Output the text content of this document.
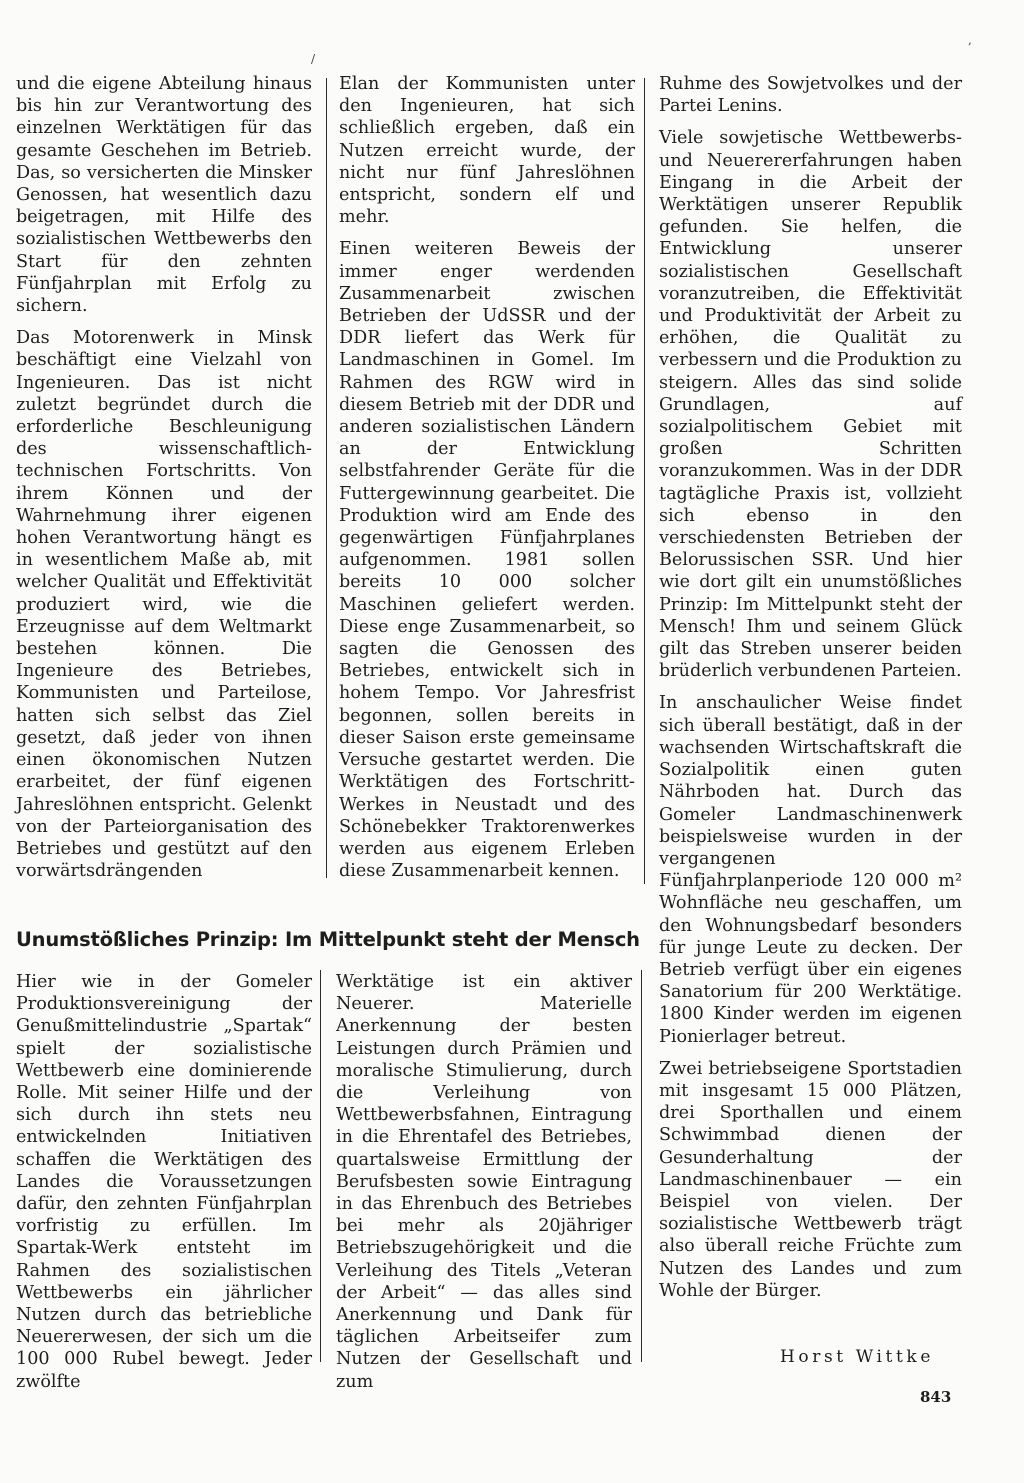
/
,

und die eigene Abteilung hinaus bis hin zur Verantwortung des einzelnen Werktätigen für das gesamte Geschehen im Betrieb. Das, so versicherten die Minsker Genossen, hat wesentlich dazu beigetragen, mit Hilfe des sozialistischen Wettbewerbs den Start für den zehnten Fünfjahrplan mit Erfolg zu sichern.

Das Motorenwerk in Minsk beschäftigt eine Vielzahl von Ingenieuren. Das ist nicht zuletzt begründet durch die erforderliche Beschleunigung des wissenschaftlich-technischen Fortschritts. Von ihrem Können und der Wahrnehmung ihrer eigenen hohen Verantwortung hängt es in wesentlichem Maße ab, mit welcher Qualität und Effektivität produziert wird, wie die Erzeugnisse auf dem Weltmarkt bestehen können. Die Ingenieure des Betriebes, Kommunisten und Parteilose, hatten sich selbst das Ziel gesetzt, daß jeder von ihnen einen ökonomischen Nutzen erarbeitet, der fünf eigenen Jahreslöhnen entspricht. Gelenkt von der Parteiorganisation des Betriebes und gestützt auf den vorwärtsdrängenden

Elan der Kommunisten unter den Ingenieuren, hat sich schließlich ergeben, daß ein Nutzen erreicht wurde, der nicht nur fünf Jahreslöhnen entspricht, sondern elf und mehr.

Einen weiteren Beweis der immer enger werdenden Zusammenarbeit zwischen Betrieben der UdSSR und der DDR liefert das Werk für Landmaschinen in Gomel. Im Rahmen des RGW wird in diesem Betrieb mit der DDR und anderen sozialistischen Ländern an der Entwicklung selbstfahrender Geräte für die Futtergewinnung gearbeitet. Die Produktion wird am Ende des gegenwärtigen Fünfjahrplanes aufgenommen. 1981 sollen bereits 10 000 solcher Maschinen geliefert werden. Diese enge Zusammenarbeit, so sagten die Genossen des Betriebes, entwickelt sich in hohem Tempo. Vor Jahresfrist begonnen, sollen bereits in dieser Saison erste gemeinsame Versuche gestartet werden. Die Werktätigen des Fortschritt-Werkes in Neustadt und des Schönebekker Traktorenwerkes werden aus eigenem Erleben diese Zusammenarbeit kennen.

Ruhme des Sowjetvolkes und der Partei Lenins.

Viele sowjetische Wettbewerbs- und Neuerererfahrungen haben Eingang in die Arbeit der Werktätigen unserer Republik gefunden. Sie helfen, die Entwicklung unserer sozialistischen Gesellschaft voranzutreiben, die Effektivität und Produktivität der Arbeit zu erhöhen, die Qualität zu verbessern und die Produktion zu steigern. Alles das sind solide Grundlagen, auf sozialpolitischem Gebiet mit großen Schritten voranzukommen. Was in der DDR tagtägliche Praxis ist, vollzieht sich ebenso in den verschiedensten Betrieben der Belorussischen SSR. Und hier wie dort gilt ein unumstößliches Prinzip: Im Mittelpunkt steht der Mensch! Ihm und seinem Glück gilt das Streben unserer beiden brüderlich verbundenen Parteien.

In anschaulicher Weise findet sich überall bestätigt, daß in der wachsenden Wirtschaftskraft die Sozialpolitik einen guten Nährboden hat. Durch das Gomeler Landmaschinenwerk beispielsweise wurden in der vergangenen Fünfjahrplanperiode 120 000 m² Wohnfläche neu geschaffen, um den Wohnungsbedarf besonders für junge Leute zu decken. Der Betrieb verfügt über ein eigenes Sanatorium für 200 Werktätige. 1800 Kinder werden im eigenen Pionierlager betreut.

Zwei betriebseigene Sportstadien mit insgesamt 15 000 Plätzen, drei Sporthallen und einem Schwimmbad dienen der Gesunderhaltung der Landmaschinenbauer — ein Beispiel von vielen. Der sozialistische Wettbewerb trägt also überall reiche Früchte zum Nutzen des Landes und zum Wohle der Bürger.

Unumstößliches Prinzip: Im Mittelpunkt steht der Mensch

Hier wie in der Gomeler Produktionsvereinigung der Genußmittelindustrie „Spartak“ spielt der sozialistische Wettbewerb eine dominierende Rolle. Mit seiner Hilfe und der sich durch ihn stets neu entwickelnden Initiativen schaffen die Werktätigen des Landes die Voraussetzungen dafür, den zehnten Fünfjahrplan vorfristig zu erfüllen. Im Spartak-Werk entsteht im Rahmen des sozialistischen Wettbewerbs ein jährlicher Nutzen durch das betriebliche Neuererwesen, der sich um die 100 000 Rubel bewegt. Jeder zwölfte

Werktätige ist ein aktiver Neuerer. Materielle Anerkennung der besten Leistungen durch Prämien und moralische Stimulierung, durch die Verleihung von Wettbewerbsfahnen, Eintragung in die Ehrentafel des Betriebes, quartalsweise Ermittlung der Berufsbesten sowie Eintragung in das Ehrenbuch des Betriebes bei mehr als 20jähriger Betriebszugehörigkeit und die Verleihung des Titels „Veteran der Arbeit“ — das alles sind Anerkennung und Dank für täglichen Arbeitseifer zum Nutzen der Gesellschaft und zum

Horst Wittke
843
